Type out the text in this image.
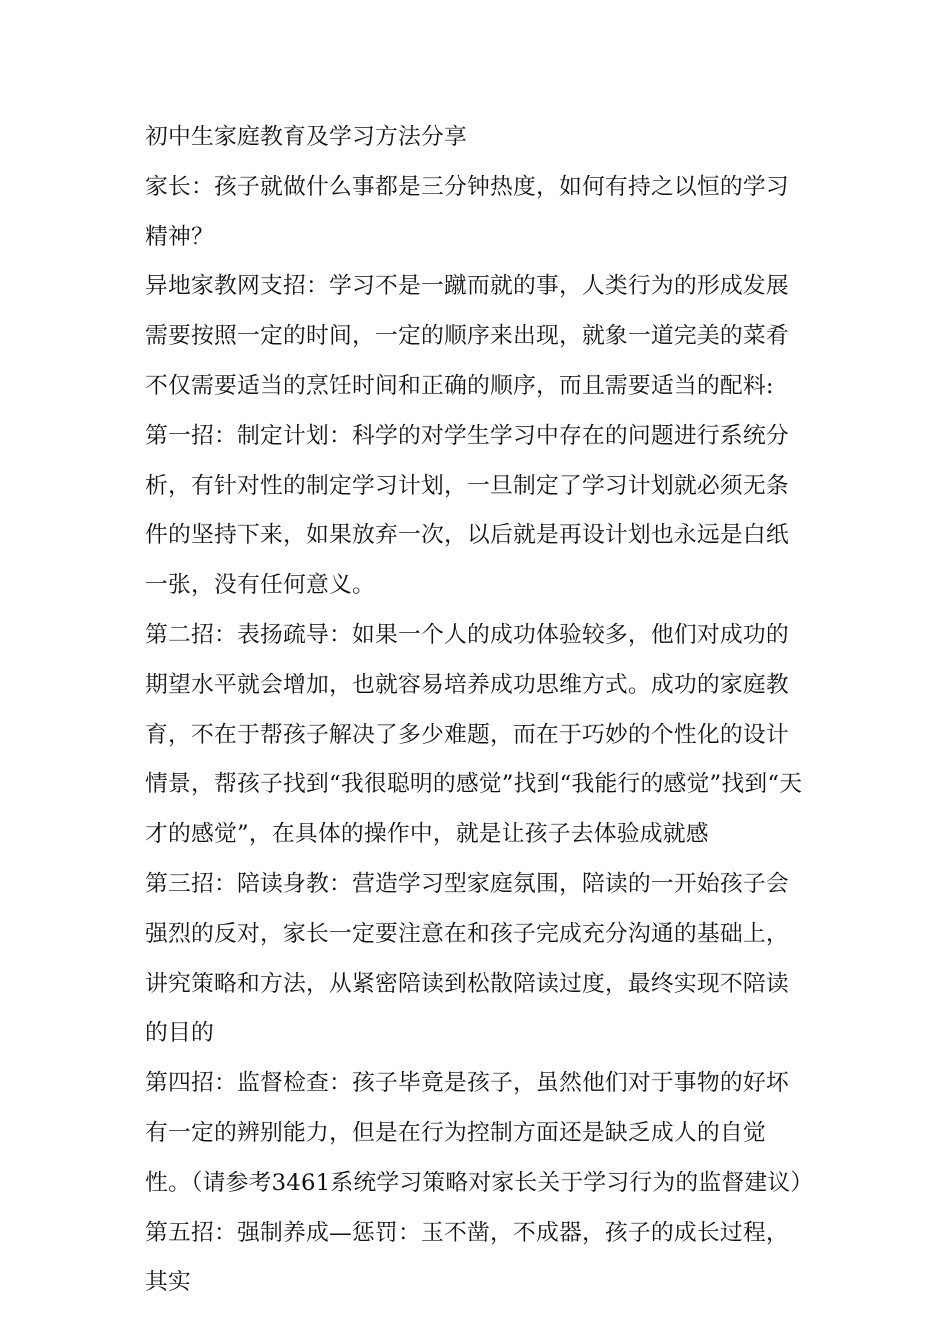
初中生家庭教育及学习方法分享

家长：孩子就做什么事都是三分钟热度，如何有持之以恒的学习精神？

异地家教网支招：学习不是一蹴而就的事，人类行为的形成发展需要按照一定的时间，一定的顺序来出现，就象一道完美的菜肴不仅需要适当的烹饪时间和正确的顺序，而且需要适当的配料:

第一招：制定计划：科学的对学生学习中存在的问题进行系统分析，有针对性的制定学习计划，一旦制定了学习计划就必须无条件的坚持下来，如果放弃一次，以后就是再设计划也永远是白纸一张，没有任何意义。

第二招：表扬疏导：如果一个人的成功体验较多，他们对成功的期望水平就会增加，也就容易培养成功思维方式。成功的家庭教育，不在于帮孩子解决了多少难题，而在于巧妙的个性化的设计情景，帮孩子找到“我很聪明的感觉”找到“我能行的感觉”找到“天才的感觉”，在具体的操作中，就是让孩子去体验成就感

第三招：陪读身教：营造学习型家庭氛围，陪读的一开始孩子会强烈的反对，家长一定要注意在和孩子完成充分沟通的基础上，讲究策略和方法，从紧密陪读到松散陪读过度，最终实现不陪读的目的

第四招：监督检查：孩子毕竟是孩子，虽然他们对于事物的好坏有一定的辨别能力，但是在行为控制方面还是缺乏成人的自觉性。（请参考3461系统学习策略对家长关于学习行为的监督建议）

第五招：强制养成—惩罚：玉不凿，不成器，孩子的成长过程，其实
